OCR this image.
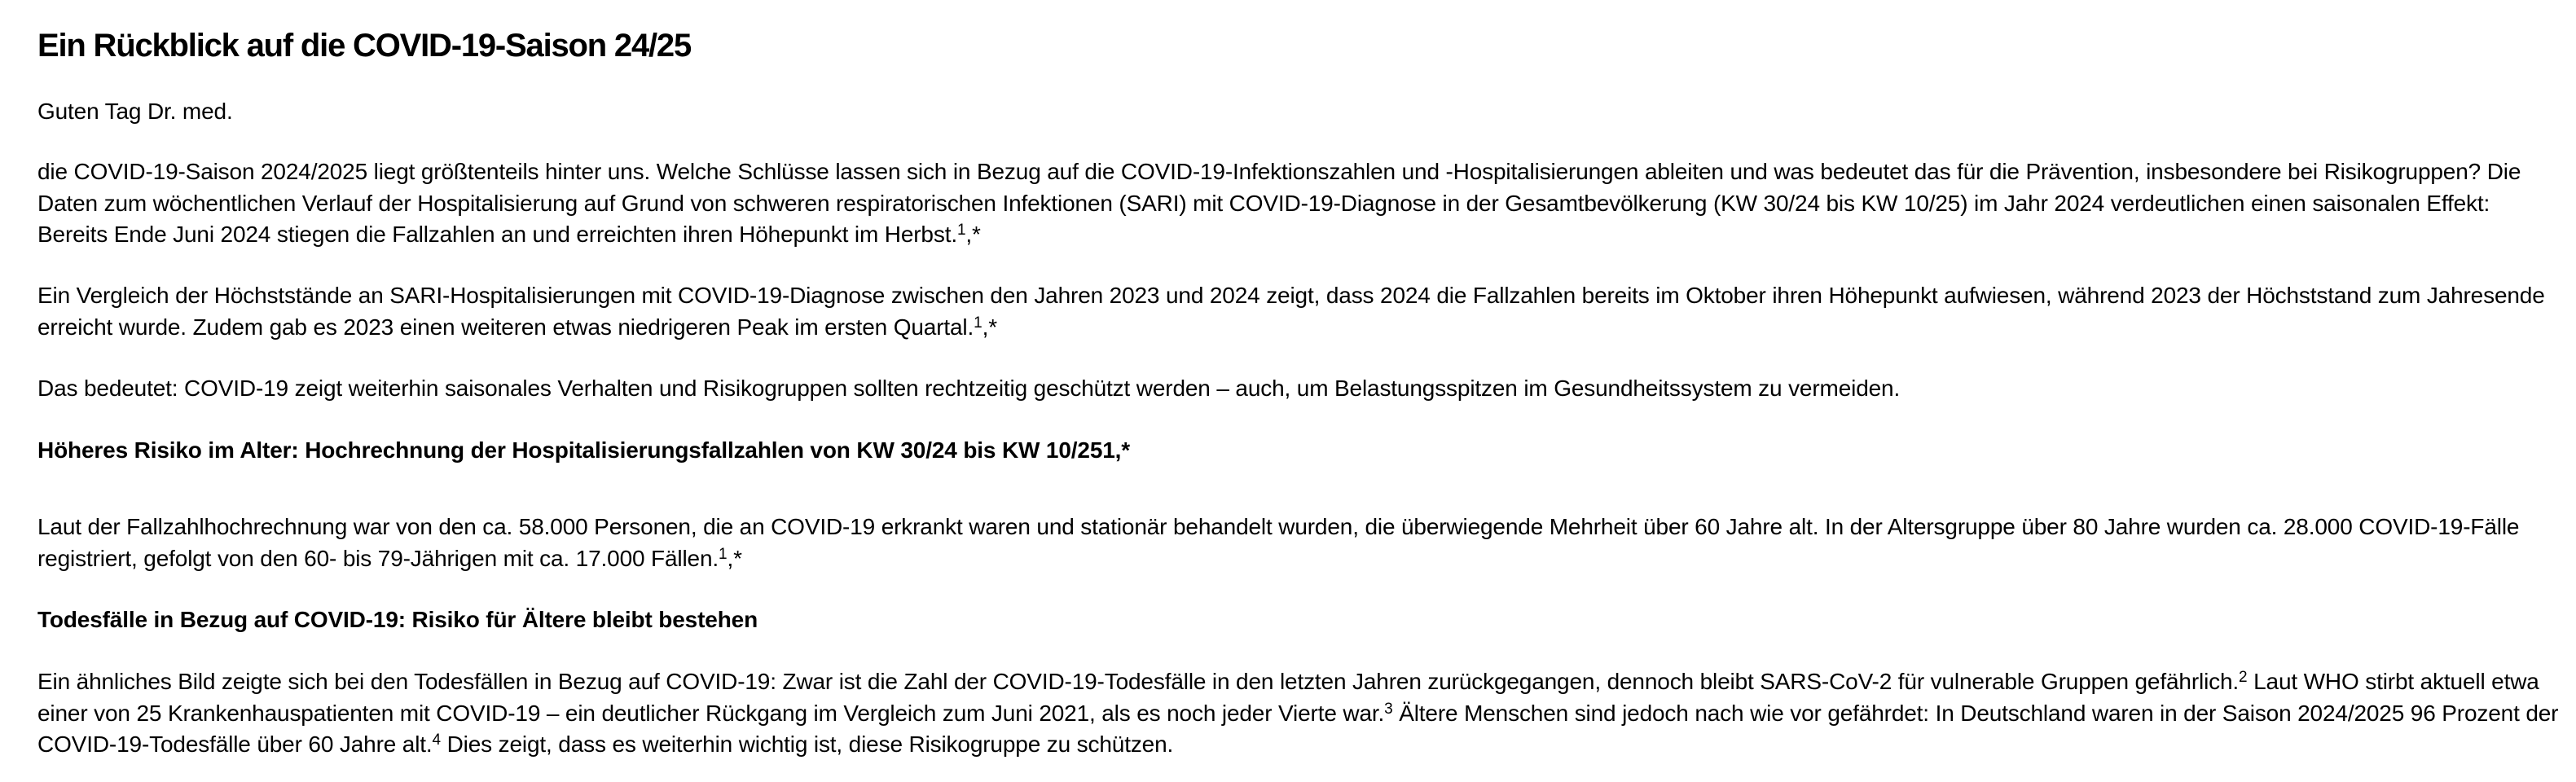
Ein Rückblick auf die COVID-19-Saison 24/25

Guten Tag Dr. med.

die COVID-19-Saison 2024/2025 liegt größtenteils hinter uns. Welche Schlüsse lassen sich in Bezug auf die COVID-19-Infektionszahlen und -Hospitalisierungen ableiten und was bedeutet das für die Prävention, insbesondere bei Risikogruppen? Die Daten zum wöchentlichen Verlauf der Hospitalisierung auf Grund von schweren respiratorischen Infektionen (SARI) mit COVID-19-Diagnose in der Gesamtbevölkerung (KW 30/24 bis KW 10/25) im Jahr 2024 verdeutlichen einen saisonalen Effekt: Bereits Ende Juni 2024 stiegen die Fallzahlen an und erreichten ihren Höhepunkt im Herbst.$^1$,*

Ein Vergleich der Höchststände an SARI-Hospitalisierungen mit COVID-19-Diagnose zwischen den Jahren 2023 und 2024 zeigt, dass 2024 die Fallzahlen bereits im Oktober ihren Höhepunkt aufwiesen, während 2023 der Höchststand zum Jahresende erreicht wurde. Zudem gab es 2023 einen weiteren etwas niedrigeren Peak im ersten Quartal.$^1$,*

Das bedeutet: COVID-19 zeigt weiterhin saisonales Verhalten und Risikogruppen sollten rechtzeitig geschützt werden – auch, um Belastungsspitzen im Gesundheitssystem zu vermeiden.

Höheres Risiko im Alter: Hochrechnung der Hospitalisierungsfallzahlen von KW 30/24 bis KW 10/251,*

Laut der Fallzahlhochrechnung war von den ca. 58.000 Personen, die an COVID-19 erkrankt waren und stationär behandelt wurden, die überwiegende Mehrheit über 60 Jahre alt. In der Altersgruppe über 80 Jahre wurden ca. 28.000 COVID-19-Fälle registriert, gefolgt von den 60- bis 79-Jährigen mit ca. 17.000 Fällen.$^1$,*

Todesfälle in Bezug auf COVID-19: Risiko für Ältere bleibt bestehen

Ein ähnliches Bild zeigte sich bei den Todesfällen in Bezug auf COVID-19: Zwar ist die Zahl der COVID-19-Todesfälle in den letzten Jahren zurückgegangen, dennoch bleibt SARS-CoV-2 für vulnerable Gruppen gefährlich.$^2$ Laut WHO stirbt aktuell etwa einer von 25 Krankenhauspatienten mit COVID-19 – ein deutlicher Rückgang im Vergleich zum Juni 2021, als es noch jeder Vierte war.$^3$ Ältere Menschen sind jedoch nach wie vor gefährdet: In Deutschland waren in der Saison 2024/2025 96 Prozent der COVID-19-Todesfälle über 60 Jahre alt.$^4$ Dies zeigt, dass es weiterhin wichtig ist, diese Risikogruppe zu schützen.
